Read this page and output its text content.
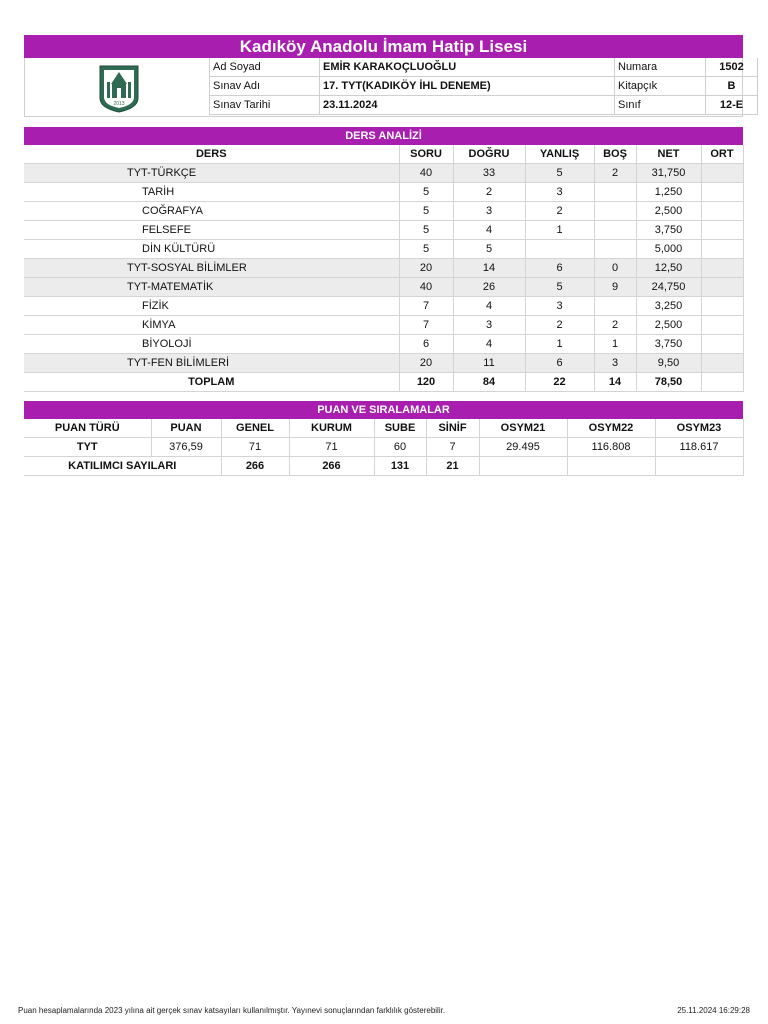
Kadıköy Anadolu İmam Hatip Lisesi
2013
Ad Soyad	EMİR KARAKOÇLUOĞLU	Numara	1502
Sınav Adı	17. TYT(KADIKÖY İHL DENEME)	Kitapçık	B
Sınav Tarihi	23.11.2024	Sınıf	12-E
DERS ANALİZİ
DERS	SORU	DOĞRU	YANLIŞ	BOŞ	NET	ORT
TYT-TÜRKÇE	40	33	5	2	31,750	
TARİH	5	2	3		1,250	
COĞRAFYA	5	3	2		2,500	
FELSEFE	5	4	1		3,750	
DİN KÜLTÜRÜ	5	5			5,000	
TYT-SOSYAL BİLİMLER	20	14	6	0	12,50	
TYT-MATEMATİK	40	26	5	9	24,750	
FİZİK	7	4	3		3,250	
KİMYA	7	3	2	2	2,500	
BİYOLOJİ	6	4	1	1	3,750	
TYT-FEN BİLİMLERİ	20	11	6	3	9,50	
TOPLAM	120	84	22	14	78,50	
PUAN VE SIRALAMALAR
PUAN TÜRÜ	PUAN	GENEL	KURUM	SUBE	SİNİF	OSYM21	OSYM22	OSYM23
TYT	376,59	71	71	60	7	29.495	116.808	118.617
KATILIMCI SAYILARI		266	266	131	21			
Puan hesaplamalarında 2023 yılına ait gerçek sınav katsayıları kullanılmıştır. Yayınevi sonuçlarından farklılık gösterebilir.	25.11.2024 16:29:28
